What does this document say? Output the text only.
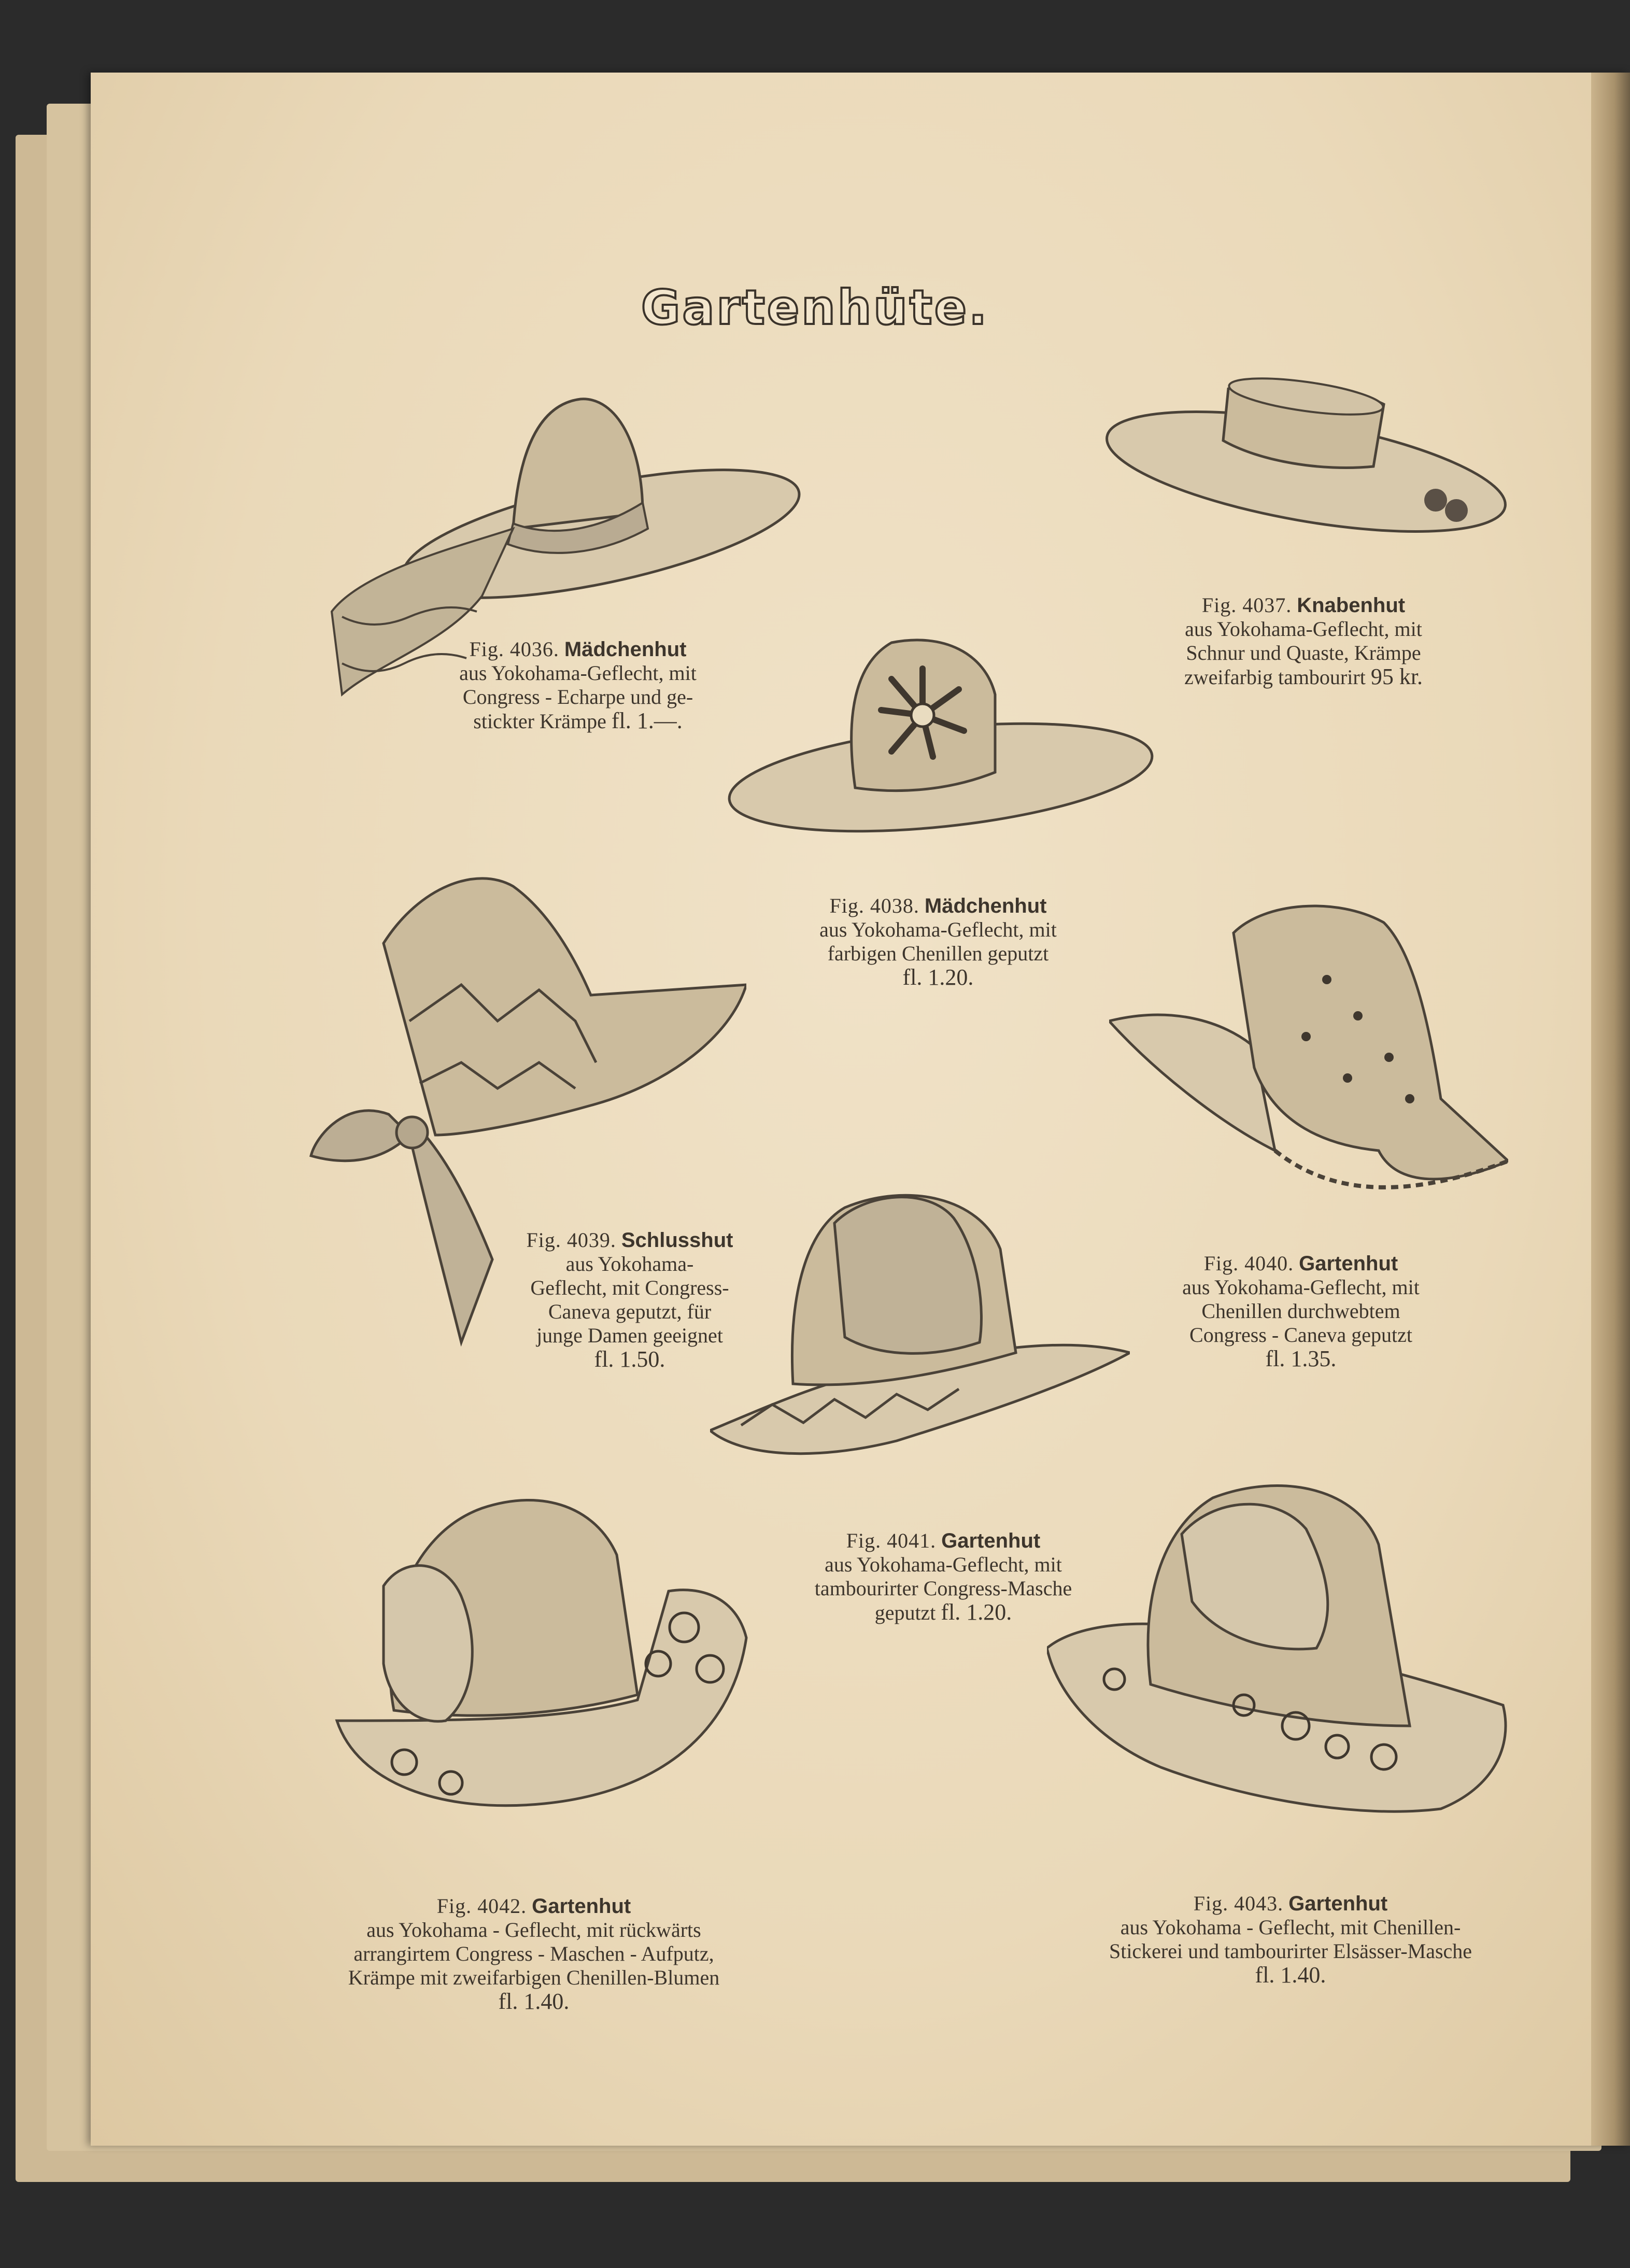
Gartenhüte.
Fig. 4036. Mädchenhut
aus Yokohama-Geflecht, mit
Congress - Echarpe und ge-
stickter Krämpe fl. 1.—.
Fig. 4037. Knabenhut
aus Yokohama-Geflecht, mit
Schnur und Quaste, Krämpe
zweifarbig tambourirt 95 kr.
Fig. 4038. Mädchenhut
aus Yokohama-Geflecht, mit
farbigen Chenillen geputzt
fl. 1.20.
Fig. 4039. Schlusshut
aus Yokohama-
Geflecht, mit Congress-
Caneva geputzt, für
junge Damen geeignet
fl. 1.50.
Fig. 4040. Gartenhut
aus Yokohama-Geflecht, mit
Chenillen durchwebtem
Congress - Caneva geputzt
fl. 1.35.
Fig. 4041. Gartenhut
aus Yokohama-Geflecht, mit
tambourirter Congress-Masche
geputzt fl. 1.20.
Fig. 4042. Gartenhut
aus Yokohama - Geflecht, mit rückwärts
arrangirtem Congress - Maschen - Aufputz,
Krämpe mit zweifarbigen Chenillen-Blumen
fl. 1.40.
Fig. 4043. Gartenhut
aus Yokohama - Geflecht, mit Chenillen-
Stickerei und tambourirter Elsässer-Masche
fl. 1.40.
